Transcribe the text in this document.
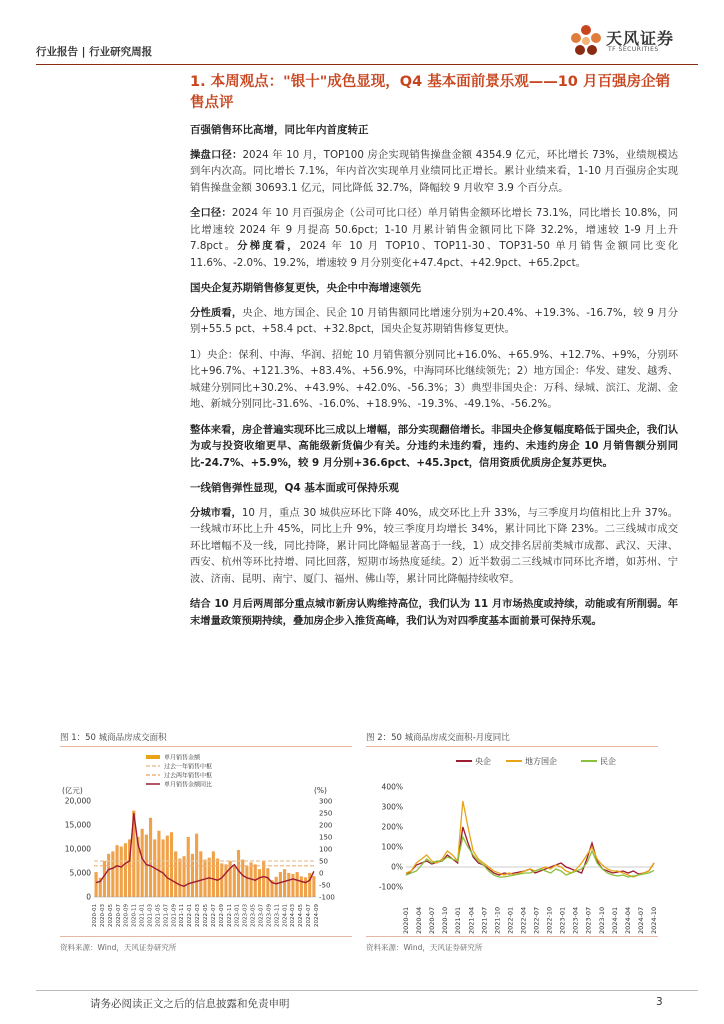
行业报告 | 行业研究周报
天风证券
TF SECURITIES
1. 本周观点："银十"成色显现，Q4 基本面前景乐观——10 月百强房企销售点评
百强销售环比高增，同比年内首度转正
操盘口径：2024 年 10 月，TOP100 房企实现销售操盘金额 4354.9 亿元，环比增长 73%，业绩规模达到年内次高。同比增长 7.1%，年内首次实现单月业绩同比正增长。累计业绩来看，1-10 月百强房企实现销售操盘金额 30693.1 亿元，同比降低 32.7%，降幅较 9 月收窄 3.9 个百分点。
全口径：2024 年 10 月百强房企（公司可比口径）单月销售金额环比增长 73.1%，同比增长 10.8%，同比增速较 2024 年 9 月提高 50.6pct；1-10 月累计销售金额同比下降 32.2%，增速较 1-9 月上升 7.8pct。分梯度看，2024 年 10 月 TOP10、TOP11-30、TOP31-50 单月销售金额同比变化 11.6%、-2.0%、19.2%，增速较 9 月分别变化+47.4pct、+42.9pct、+65.2pct。
国央企复苏期销售修复更快，央企中中海增速领先
分性质看，央企、地方国企、民企 10 月销售额同比增速分别为+20.4%、+19.3%、-16.7%，较 9 月分别+55.5 pct、+58.4 pct、+32.8pct，国央企复苏期销售修复更快。
1）央企：保利、中海、华润、招蛇 10 月销售额分别同比+16.0%、+65.9%、+12.7%、+9%，分别环比+96.7%、+121.3%、+83.4%、+56.9%，中海同环比继续领先；2）地方国企：华发、建发、越秀、城建分别同比+30.2%、+43.9%、+42.0%、-56.3%；3）典型非国央企：万科、绿城、滨江、龙湖、金地、新城分别同比-31.6%、-16.0%、+18.9%、-19.3%、-49.1%、-56.2%。
整体来看，房企普遍实现环比三成以上增幅，部分实现翻倍增长。非国央企修复幅度略低于国央企，我们认为或与投资收缩更早、高能级新货偏少有关。分违约未违约看，违约、未违约房企 10 月销售额分别同比-24.7%、+5.9%，较 9 月分别+36.6pct、+45.3pct，信用资质优质房企复苏更快。
一线销售弹性显现，Q4 基本面或可保持乐观
分城市看，10 月，重点 30 城供应环比下降 40%，成交环比上升 33%，与三季度月均值相比上升 37%。一线城市环比上升 45%，同比上升 9%，较三季度月均增长 34%，累计同比下降 23%。二三线城市成交环比增幅不及一线，同比持降，累计同比降幅显著高于一线，1）成交排名居前类城市成都、武汉、天津、西安、杭州等环比持增、同比回落，短期市场热度延续。2）近半数弱二三线城市同环比齐增，如苏州、宁波、济南、昆明、南宁、厦门、福州、佛山等，累计同比降幅持续收窄。
结合 10 月后两周部分重点城市新房认购维持高位，我们认为 11 月市场热度或持续，动能或有所削弱。年末增量政策预期持续，叠加房企步入推货高峰，我们认为对四季度基本面前景可保持乐观。
图 1：50 城商品房成交面积
单月销售金额
过去一年销售中枢
过去两年销售中枢
单月销售金额同比
(亿元)	(%)
20,000
15,000
10,000
5,000
0
300
250
200
150
100
50
0
-50
-100
2020-01 2020-03 2020-05 2020-07 2020-09 2020-11 2021-01 2021-03 2021-05 2021-07 2021-09 2021-11 2022-01 2022-03 2022-05 2022-07 2022-09 2022-11 2023-01 2023-03 2023-05 2023-07 2023-09 2023-11 2024-01 2024-03 2024-05 2024-07 2024-09
资料来源：Wind，天风证券研究所
图 2：50 城商品房成交面积-月度同比
央企	地方国企	民企
400%
300%
200%
100%
0%
-100%
2020-01 2020-04 2020-07 2020-10 2021-01 2021-04 2021-07 2021-10 2022-01 2022-04 2022-07 2022-10 2023-01 2023-04 2023-07 2023-10 2024-01 2024-04 2024-07 2024-10
资料来源：Wind，天风证券研究所
请务必阅读正文之后的信息披露和免责申明	3
